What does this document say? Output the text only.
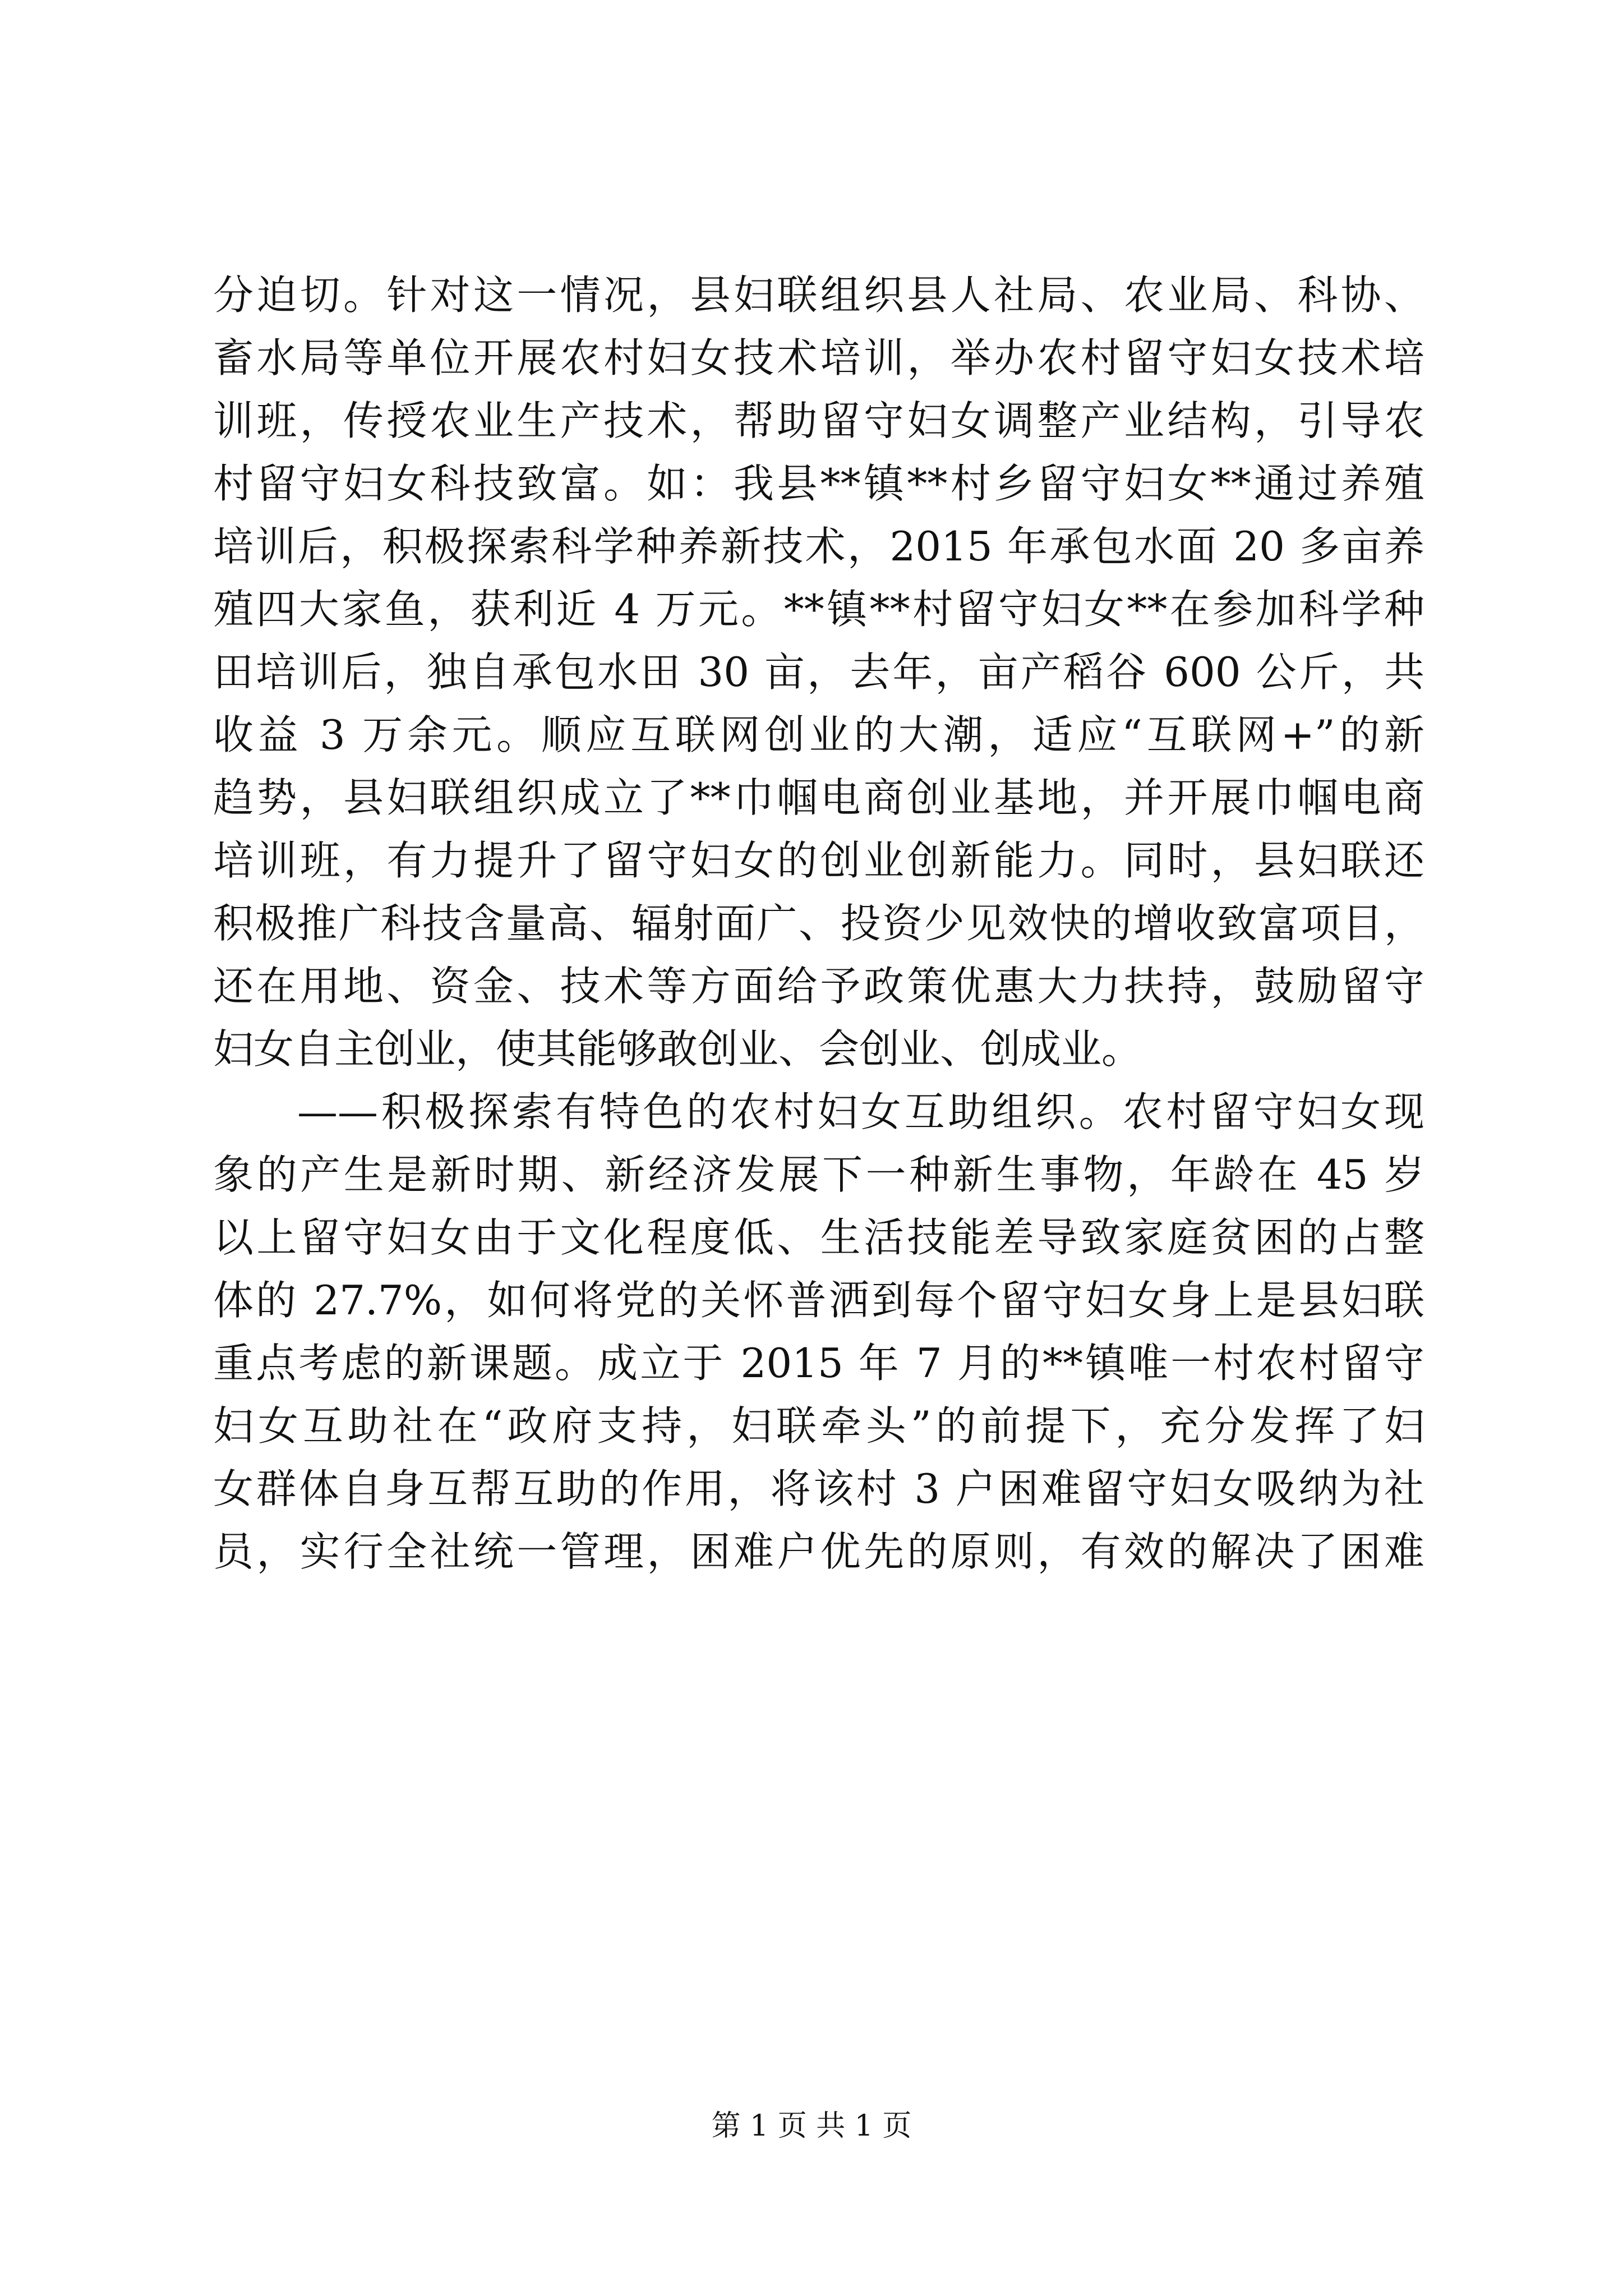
分迫切。针对这一情况，县妇联组织县人社局、农业局、科协、
畜水局等单位开展农村妇女技术培训，举办农村留守妇女技术培
训班，传授农业生产技术，帮助留守妇女调整产业结构，引导农
村留守妇女科技致富。如：我县**镇**村乡留守妇女**通过养殖
培训后，积极探索科学种养新技术，2015 年承包水面 20 多亩养
殖四大家鱼，获利近 4 万元。**镇**村留守妇女**在参加科学种
田培训后，独自承包水田 30 亩，去年，亩产稻谷 600 公斤，共
收益 3 万余元。顺应互联网创业的大潮，适应“互联网+”的新
趋势，县妇联组织成立了**巾帼电商创业基地，并开展巾帼电商
培训班，有力提升了留守妇女的创业创新能力。同时，县妇联还
积极推广科技含量高、辐射面广、投资少见效快的增收致富项目，
还在用地、资金、技术等方面给予政策优惠大力扶持，鼓励留守
妇女自主创业，使其能够敢创业、会创业、创成业。
——积极探索有特色的农村妇女互助组织。农村留守妇女现
象的产生是新时期、新经济发展下一种新生事物，年龄在 45 岁
以上留守妇女由于文化程度低、生活技能差导致家庭贫困的占整
体的 27.7%，如何将党的关怀普洒到每个留守妇女身上是县妇联
重点考虑的新课题。成立于 2015 年 7 月的**镇唯一村农村留守
妇女互助社在“政府支持，妇联牵头”的前提下，充分发挥了妇
女群体自身互帮互助的作用，将该村 3 户困难留守妇女吸纳为社
员，实行全社统一管理，困难户优先的原则，有效的解决了困难
第 1 页 共 1 页
